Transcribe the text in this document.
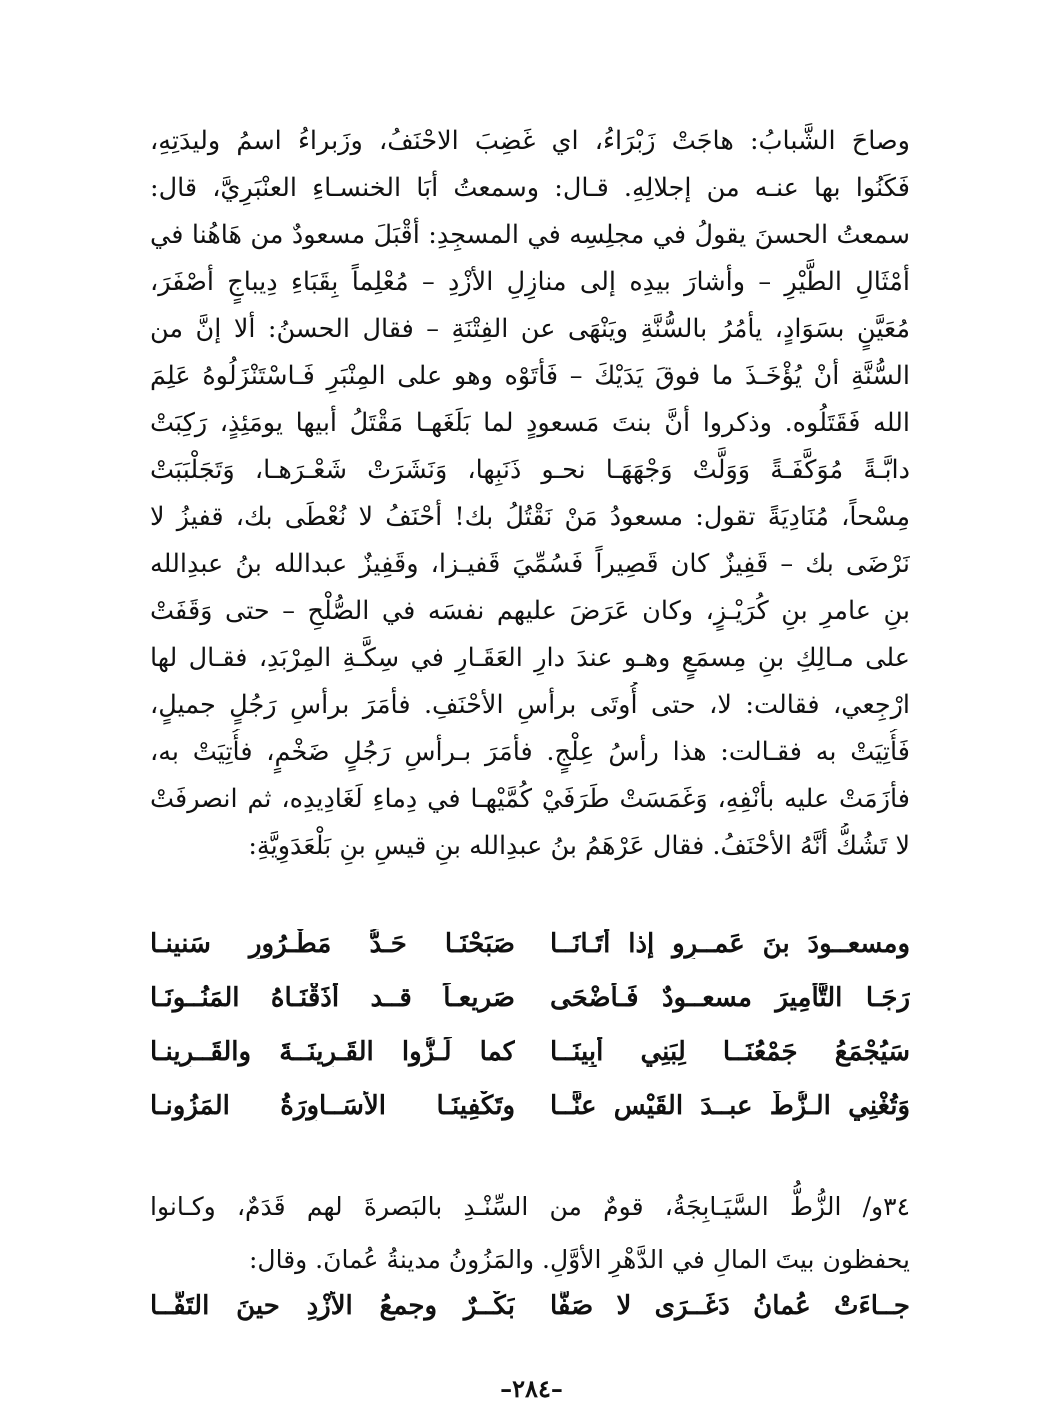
وصاحَ الشَّبابُ: هاجَتْ زَبْرَاءُ، اي غَضِبَ الاحْنَفُ، وزَبراءُ اسمُ وليدَتِهِ،
فَكَنُوا بها عنـه من إجلالِهِ. قـال: وسمعتُ أبَا الخنسـاءِ العنْبَرِيَّ، قال:
سمعتُ الحسنَ يقولُ في مجلِسِه في المسجِدِ: أقْبَلَ مسعودٌ من هَاهُنا في
أمْثَالِ الطَّيْرِ – وأشارَ بيدِه إلى منازِلِ الأزْدِ – مُعْلِماً بِقَبَاءِ دِيباجٍ أصْفَرَ،
مُعَيَّنٍ بسَوَادٍ، يأمُرُ بالسُّنَّةِ ويَنْهَى عن الفِتْنَةِ – فقال الحسنُ: ألا إنَّ من
السُّنَّةِ أنْ يُؤْخَـذَ ما فوقَ يَدَيْكَ – فَأتَوْه وهو على المِنْبَرِ فَـاسْتَنْزَلُوهُ عَلِمَ
الله فَقَتَلُوه. وذكروا أنَّ بنتَ مَسعودٍ لما بَلَغَهـا مَقْتَلُ أبيها يومَئِذٍ، رَكِبَتْ
دابَّـةً مُوَكَّفَـةً وَوَلَّتْ وَجْهَهَـا نحـو ذَنَبِها، وَنَشَرَتْ شَعْـرَهـا، وَتَجَلْبَبَتْ
مِسْحاً، مُنَادِيَةً تقول: مسعودُ مَنْ نَقْتُلُ بك! أحْنَفُ لا نُعْطَى بك، قفيزُ لا
نَرْضَى بك – قَفِيزٌ كان قَصِيراً فَسُمِّيَ قَفيـزا، وقَفِيزٌ عبدالله بنُ عبدِالله
بنِ عامرِ بنِ كُرَيْـزٍ، وكان عَرَضَ عليهم نفسَه في الصُّلْحِ – حتى وَقَفَتْ
على مـالِكِ بنِ مِسمَعٍ وهـو عندَ دارِ العَقَـارِ في سِكَّـةِ المِرْبَدِ، فقـال لها
ارْجِعي، فقالت: لا، حتى أُوتَى برأسِ الأحْنَفِ. فأمَرَ برأسِ رَجُلٍ جميلٍ،
فَأُتِيَتْ به فقـالت: هذا رأسُ عِلْجٍ. فأمَرَ بـرأسِ رَجُلٍ ضَخْمٍ، فأُتِيَتْ به،
فأزَمَتْ عليه بأنْفِهِ، وَغَمَسَتْ طَرَفَيْ كُمَّيْهـا في دِماءِ لَغَادِيدِه، ثم انصرفَتْ
لا تَشُكُّ أنَّهُ الأحْنَفُ. فقال عَرْهَمُ بنُ عبدِالله بنِ قيسِ بنِ بَلْعَدَوِيَّةِ:
ومسعــودَ بنَ عَمــرٍو إذا أتَـانَــا
صَبَحْنَـا حَـدُّ مَطْـرُورٍ سَنينـا
رَجَـا التَّأمِيرَ مسعــودٌ فَـأضْحَى
صَريعـاً قــد أذَقْنَـاهُ المَنُــونَـا
سَيُجْمَعُ جَمْعُنَــا لِبَنِي أبِينَــا
كما لَـزُّوا القَـرِينَــةَ والقَــرِينـا
وَتُغْنِي الـزُّطُّ عبــدَ القَيْسِ عنَّــا
وتَكْفِينَـا الأسَــاوِرَةُ المَزُونـا
٣٤و/ الزُّطُّ السَّيَـابِجَةُ، قومٌ من السِّنْـدِ بالبَصرةَ لهم قَدَمٌ، وكـانوا
يحفظون بيتَ المالِ في الدَّهْرِ الأوَّلِ. والمَزُونُ مدينةُ عُمانَ. وقال:
جــاءَتْ عُمانُ دَغَــرَى لا صَفًّا
بَكْــرٌ وجمعُ الأزْدِ حينَ التَفَّــا
–٢٨٤–
